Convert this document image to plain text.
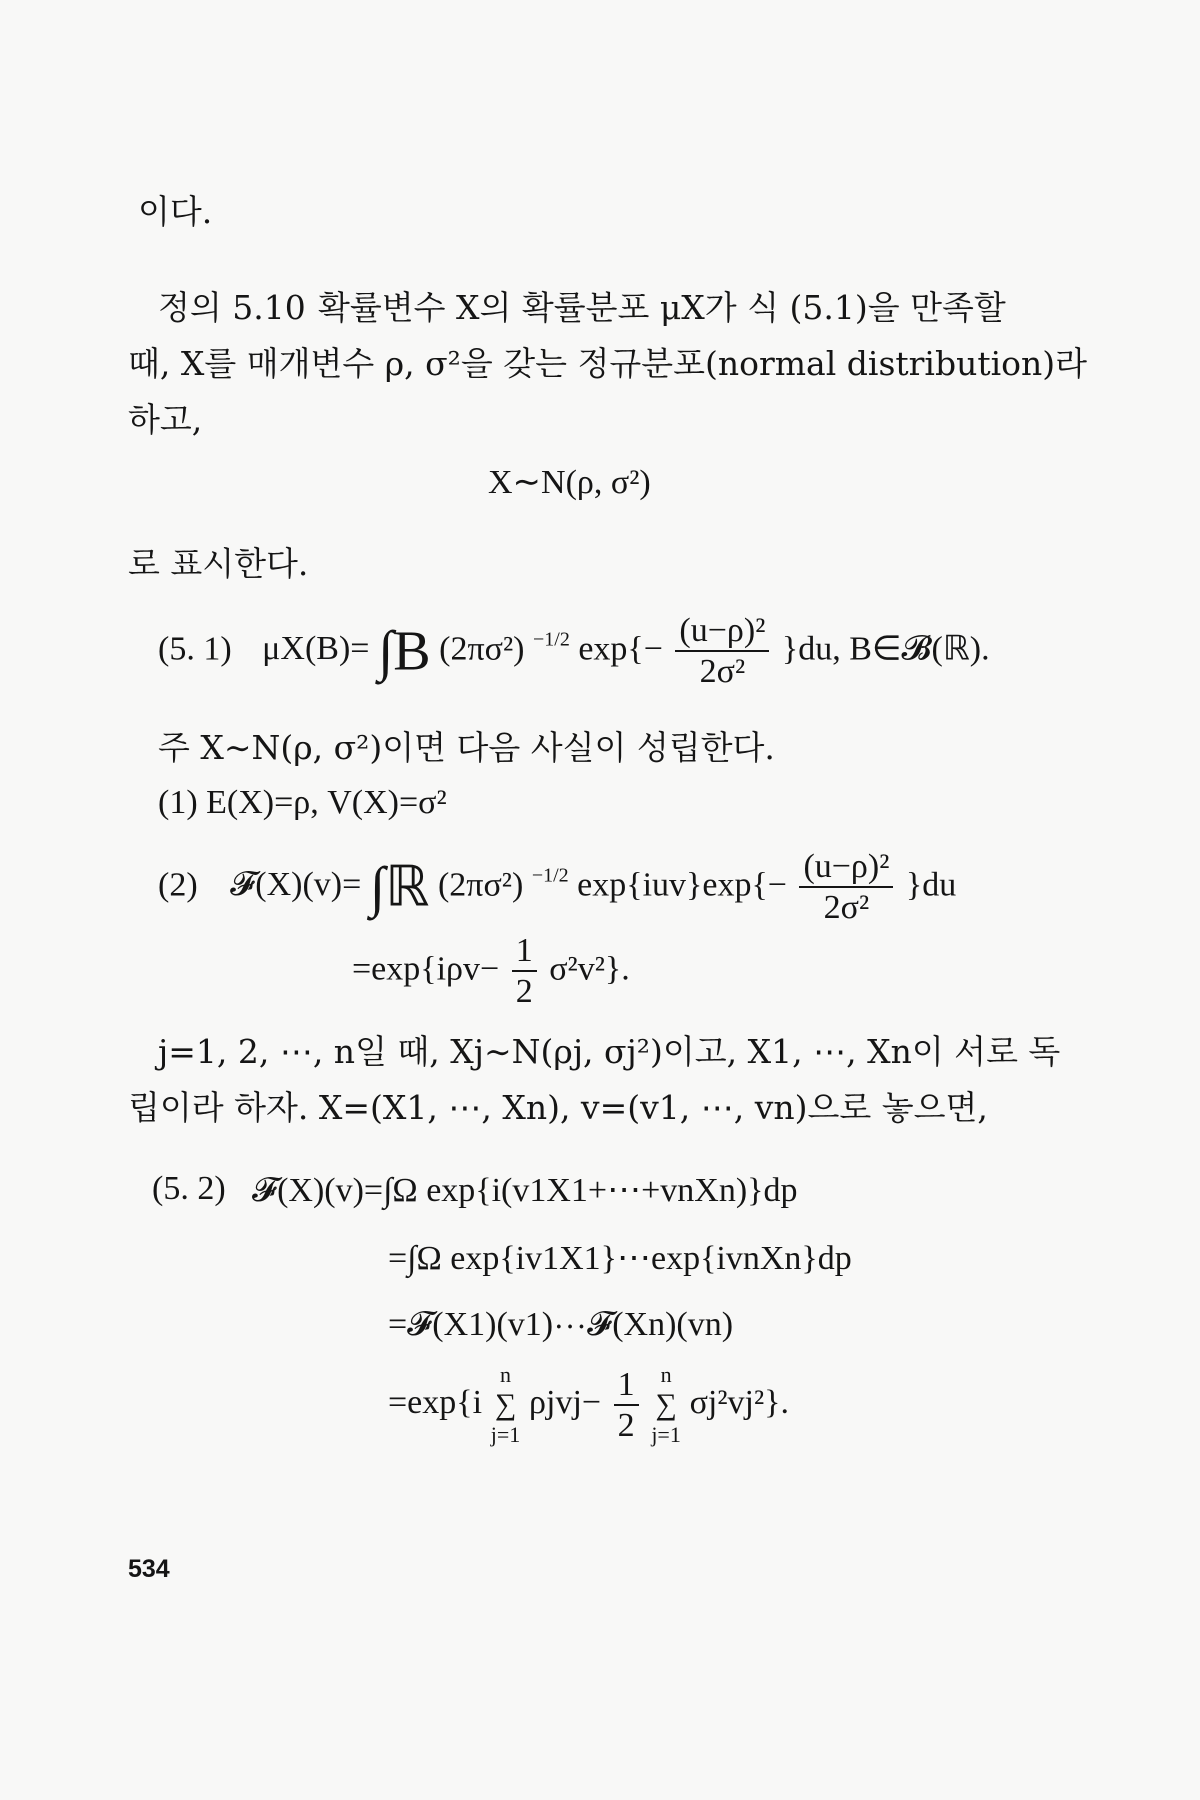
이다.
정의 5.10 확률변수 X의 확률분포 μX가 식 (5.1)을 만족할
때, X를 매개변수 ρ, σ²을 갖는 정규분포(normal distribution)라
하고,
X∼N(ρ, σ²)
로 표시한다.
(5. 1) μX(B)= ∫B (2πσ²) $^{-1/2}$ $\exp\{- \frac{\text{(u−ρ)²}}{\text{2σ²}} \}du$, B∈𝓑(ℝ).
주 X∼N(ρ, σ²)이면 다음 사실이 성립한다.
(1) E(X)=ρ, V(X)=σ²
(2) 𝓕(X)(v)= ∫ℝ (2πσ²) $^{-1/2}$ $\exp\{iuv\}\exp\{- \frac{\text{(u−ρ)²}}{\text{2σ²}} \}du$
$=\exp\{i\rho v- \frac{1}{2} \sigma^2v^2\}$.
j=1, 2, ⋯, n일 때, Xj∼N(ρj, σj²)이고, X1, ⋯, Xn이 서로 독
립이라 하자. X=(X1, ⋯, Xn), v=(v1, ⋯, vn)으로 놓으면,
(5. 2) 𝓕(X)(v)=∫Ω exp{i(v1X1+⋯+vnXn)}dp
=∫Ω exp{iv1X1}⋯exp{ivnXn}dp
=𝓕(X1)(v1)⋯𝓕(Xn)(vn)
=exp{i
n
∑
j=1
$\rho jvj- \frac{1}{2}$
	n
∑
j=1
σj²vj²}.
534
